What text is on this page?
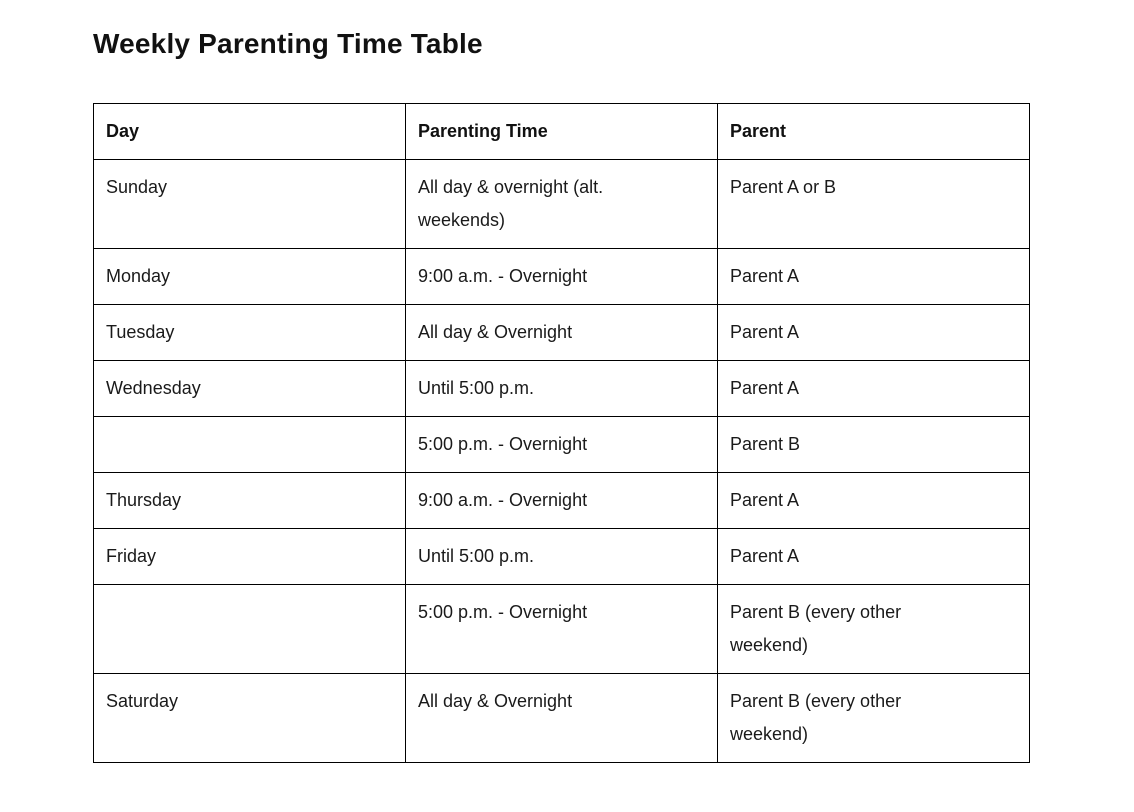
Weekly Parenting Time Table
Day	Parenting Time	Parent
Sunday	All day & overnight (alt. weekends)	Parent A or B
Monday	9:00 a.m. - Overnight	Parent A
Tuesday	All day & Overnight	Parent A
Wednesday	Until 5:00 p.m.	Parent A
	5:00 p.m. - Overnight	Parent B
Thursday	9:00 a.m. - Overnight	Parent A
Friday	Until 5:00 p.m.	Parent A
	5:00 p.m. - Overnight	Parent B (every other weekend)
Saturday	All day & Overnight	Parent B (every other weekend)
